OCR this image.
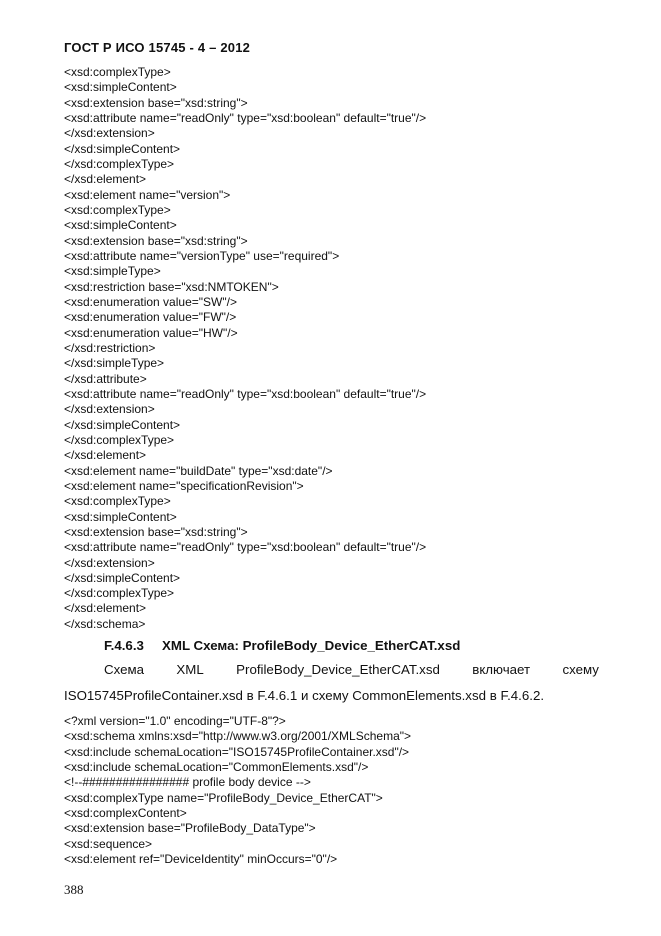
ГОСТ Р ИСО 15745 - 4 – 2012
<xsd:complexType>
<xsd:simpleContent>
<xsd:extension base="xsd:string">
<xsd:attribute name="readOnly" type="xsd:boolean" default="true"/>
</xsd:extension>
</xsd:simpleContent>
</xsd:complexType>
</xsd:element>
<xsd:element name="version">
<xsd:complexType>
<xsd:simpleContent>
<xsd:extension base="xsd:string">
<xsd:attribute name="versionType" use="required">
<xsd:simpleType>
<xsd:restriction base="xsd:NMTOKEN">
<xsd:enumeration value="SW"/>
<xsd:enumeration value="FW"/>
<xsd:enumeration value="HW"/>
</xsd:restriction>
</xsd:simpleType>
</xsd:attribute>
<xsd:attribute name="readOnly" type="xsd:boolean" default="true"/>
</xsd:extension>
</xsd:simpleContent>
</xsd:complexType>
</xsd:element>
<xsd:element name="buildDate" type="xsd:date"/>
<xsd:element name="specificationRevision">
<xsd:complexType>
<xsd:simpleContent>
<xsd:extension base="xsd:string">
<xsd:attribute name="readOnly" type="xsd:boolean" default="true"/>
</xsd:extension>
</xsd:simpleContent>
</xsd:complexType>
</xsd:element>
</xsd:schema>
F.4.6.3 XML Схема: ProfileBody_Device_EtherCAT.xsd
Схема XML ProfileBody_Device_EtherCAT.xsd включает схему
ISO15745ProfileContainer.xsd в F.4.6.1 и схему CommonElements.xsd в F.4.6.2.
<?xml version="1.0" encoding="UTF-8"?>
<xsd:schema xmlns:xsd="http://www.w3.org/2001/XMLSchema">
<xsd:include schemaLocation="ISO15745ProfileContainer.xsd"/>
<xsd:include schemaLocation="CommonElements.xsd"/>
<!--################ profile body device -->
<xsd:complexType name="ProfileBody_Device_EtherCAT">
<xsd:complexContent>
<xsd:extension base="ProfileBody_DataType">
<xsd:sequence>
<xsd:element ref="DeviceIdentity" minOccurs="0"/>
388
